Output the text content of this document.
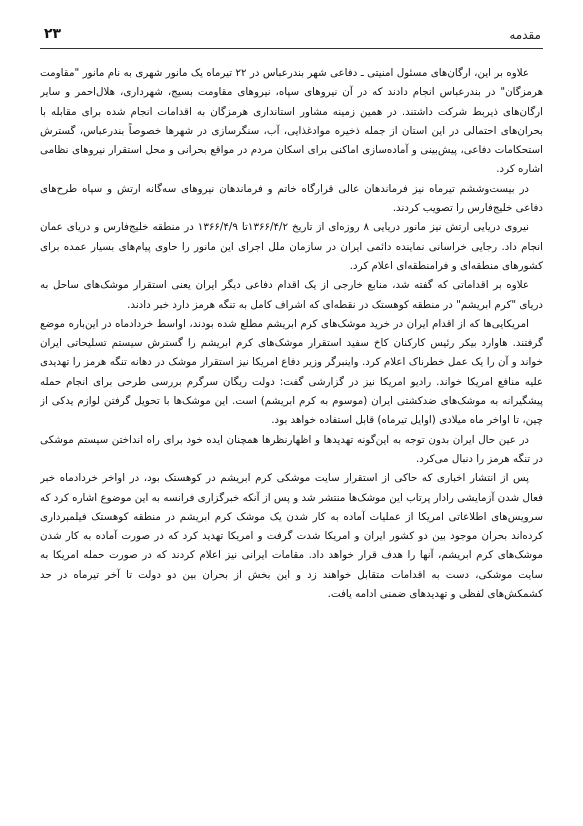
مقدمه
۲۳

علاوه بر این، ارگان‌های مسئول امنیتی ـ دفاعی شهر بندرعباس در ۲۲ تیرماه یک مانور شهری به نام مانور "مقاومت هرمزگان" در بندرعباس انجام دادند که در آن نیروهای سپاه، نیروهای مقاومت بسیج، شهرداری، هلال‌احمر و سایر ارگان‌های ذیربط شرکت داشتند. در همین زمینه مشاور استانداری هرمزگان به اقدامات انجام شده برای مقابله با بحران‌های احتمالی در این استان از جمله ذخیره مواد‌غذایی، آب، سنگرسازی در شهرها خصوصاً بندرعباس، گسترش استحکامات دفاعی، پیش‌بینی و آماده‌سازی اماکنی برای اسکان مردم در مواقع بحرانی و محل استقرار نیروهای نظامی اشاره کرد.

در بیست‌وششم تیرماه نیز فرماندهان عالی قرارگاه خاتم و فرماندهان نیروهای سه‌گانه ارتش و سپاه طرح‌های دفاعی خلیج‌فارس را تصویب کردند.

نیروی دریایی ارتش نیز مانور دریایی ۸ روزه‌ای از تاریخ ۱۳۶۶/۴/۲تا ۱۳۶۶/۴/۹ در منطقه خلیج‌فارس و دریای عمان انجام داد. رجایی خراسانی نماینده دائمی ایران در سازمان ملل اجرای این مانور را حاوی پیام‌های بسیار عمده برای کشورهای منطقه‌ای و فرامنطقه‌ای اعلام کرد.

علاوه بر اقداماتی که گفته شد، منابع خارجی از یک اقدام دفاعی دیگر ایران یعنی استقرار موشک‌های ساحل به دریای "کرم ابریشم" در منطقه کوهستک در نقطه‌ای که اشراف کامل به تنگه هرمز دارد خبر دادند.

امریکایی‌ها که از اقدام ایران در خرید موشک‌های کرم ابریشم مطلع شده بودند، اواسط خردادماه در این‌باره موضع گرفتند. هاوارد بیکر رئیس کارکنان کاخ سفید استقرار موشک‌های کرم ابریشم را گسترش سیستم تسلیحاتی ایران خواند و آن را یک عمل خطرناک اعلام کرد. واینبرگر وزیر دفاع امریکا نیز استقرار موشک در دهانه تنگه هرمز را تهدیدی علیه منافع امریکا خواند. رادیو امریکا نیز در گزارشی گفت: دولت ریگان سرگرم بررسی طرحی برای انجام حمله پیشگیرانه به موشک‌های ضدکشتی ایران (موسوم به کرم ابریشم) است. این موشک‌ها با تحویل گرفتن لوازم یدکی از چین، تا اواخر ماه میلادی (اوایل تیرماه) قابل استفاده خواهد بود.

در عین حال ایران بدون توجه به این‌گونه تهدیدها و اظهارنظرها همچنان ایده خود برای راه انداختن سیستم موشکی در تنگه هرمز را دنبال می‌کرد.

پس از انتشار اخباری که حاکی از استقرار سایت موشکی کرم ابریشم در کوهستک بود، در اواخر خردادماه خبر فعال شدن آزمایشی رادار پرتاب این موشک‌ها منتشر شد و پس از آنکه خبرگزاری فرانسه به این موضوع اشاره کرد که سرویس‌های اطلاعاتی امریکا از عملیات آماده به کار شدن یک موشک کرم ابریشم در منطقه کوهستک فیلمبرداری کرده‌اند بحران موجود بین دو کشور ایران و امریکا شدت گرفت و امریکا تهدید کرد که در صورت آماده به کار شدن موشک‌های کرم ابریشم، آنها را هدف قرار خواهد داد. مقامات ایرانی نیز اعلام کردند که در صورت حمله امریکا به سایت موشکی، دست به اقدامات متقابل خواهند زد و این بخش از بحران بین دو دولت تا آخر تیرماه در حد کشمکش‌های لفظی و تهدیدهای ضمنی ادامه یافت.
